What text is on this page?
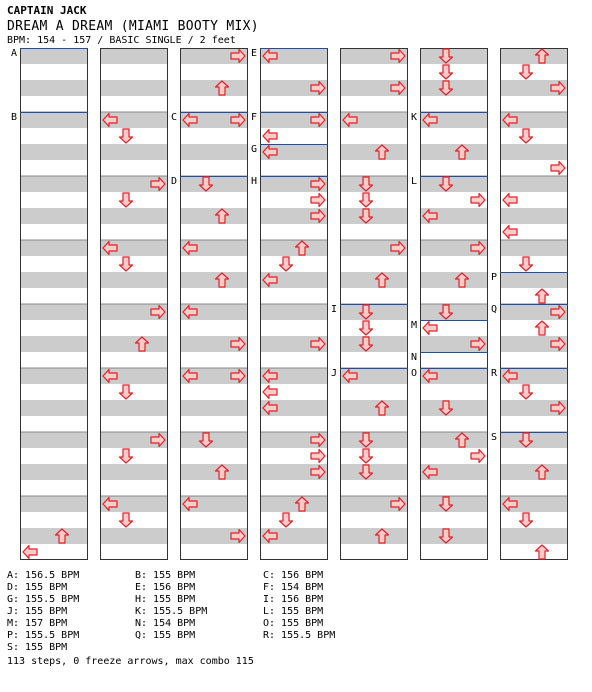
CAPTAIN JACK
DREAM A DREAM (MIAMI BOOTY MIX)
BPM: 154 - 157 / BASIC SINGLE / 2 feet
A
B	C
D
E
F
G
H
I
J
K
L
M
N
O
P
Q
R
S
A: 156.5 BPM	B: 155 BPM	C: 156 BPM
D: 155 BPM	E: 156 BPM	F: 154 BPM
G: 155.5 BPM	H: 155 BPM	I: 156 BPM
J: 155 BPM	K: 155.5 BPM	L: 155 BPM
M: 157 BPM	N: 154 BPM	O: 155 BPM
P: 155.5 BPM	Q: 155 BPM	R: 155.5 BPM
S: 155 BPM
113 steps, 0 freeze arrows, max combo 115
